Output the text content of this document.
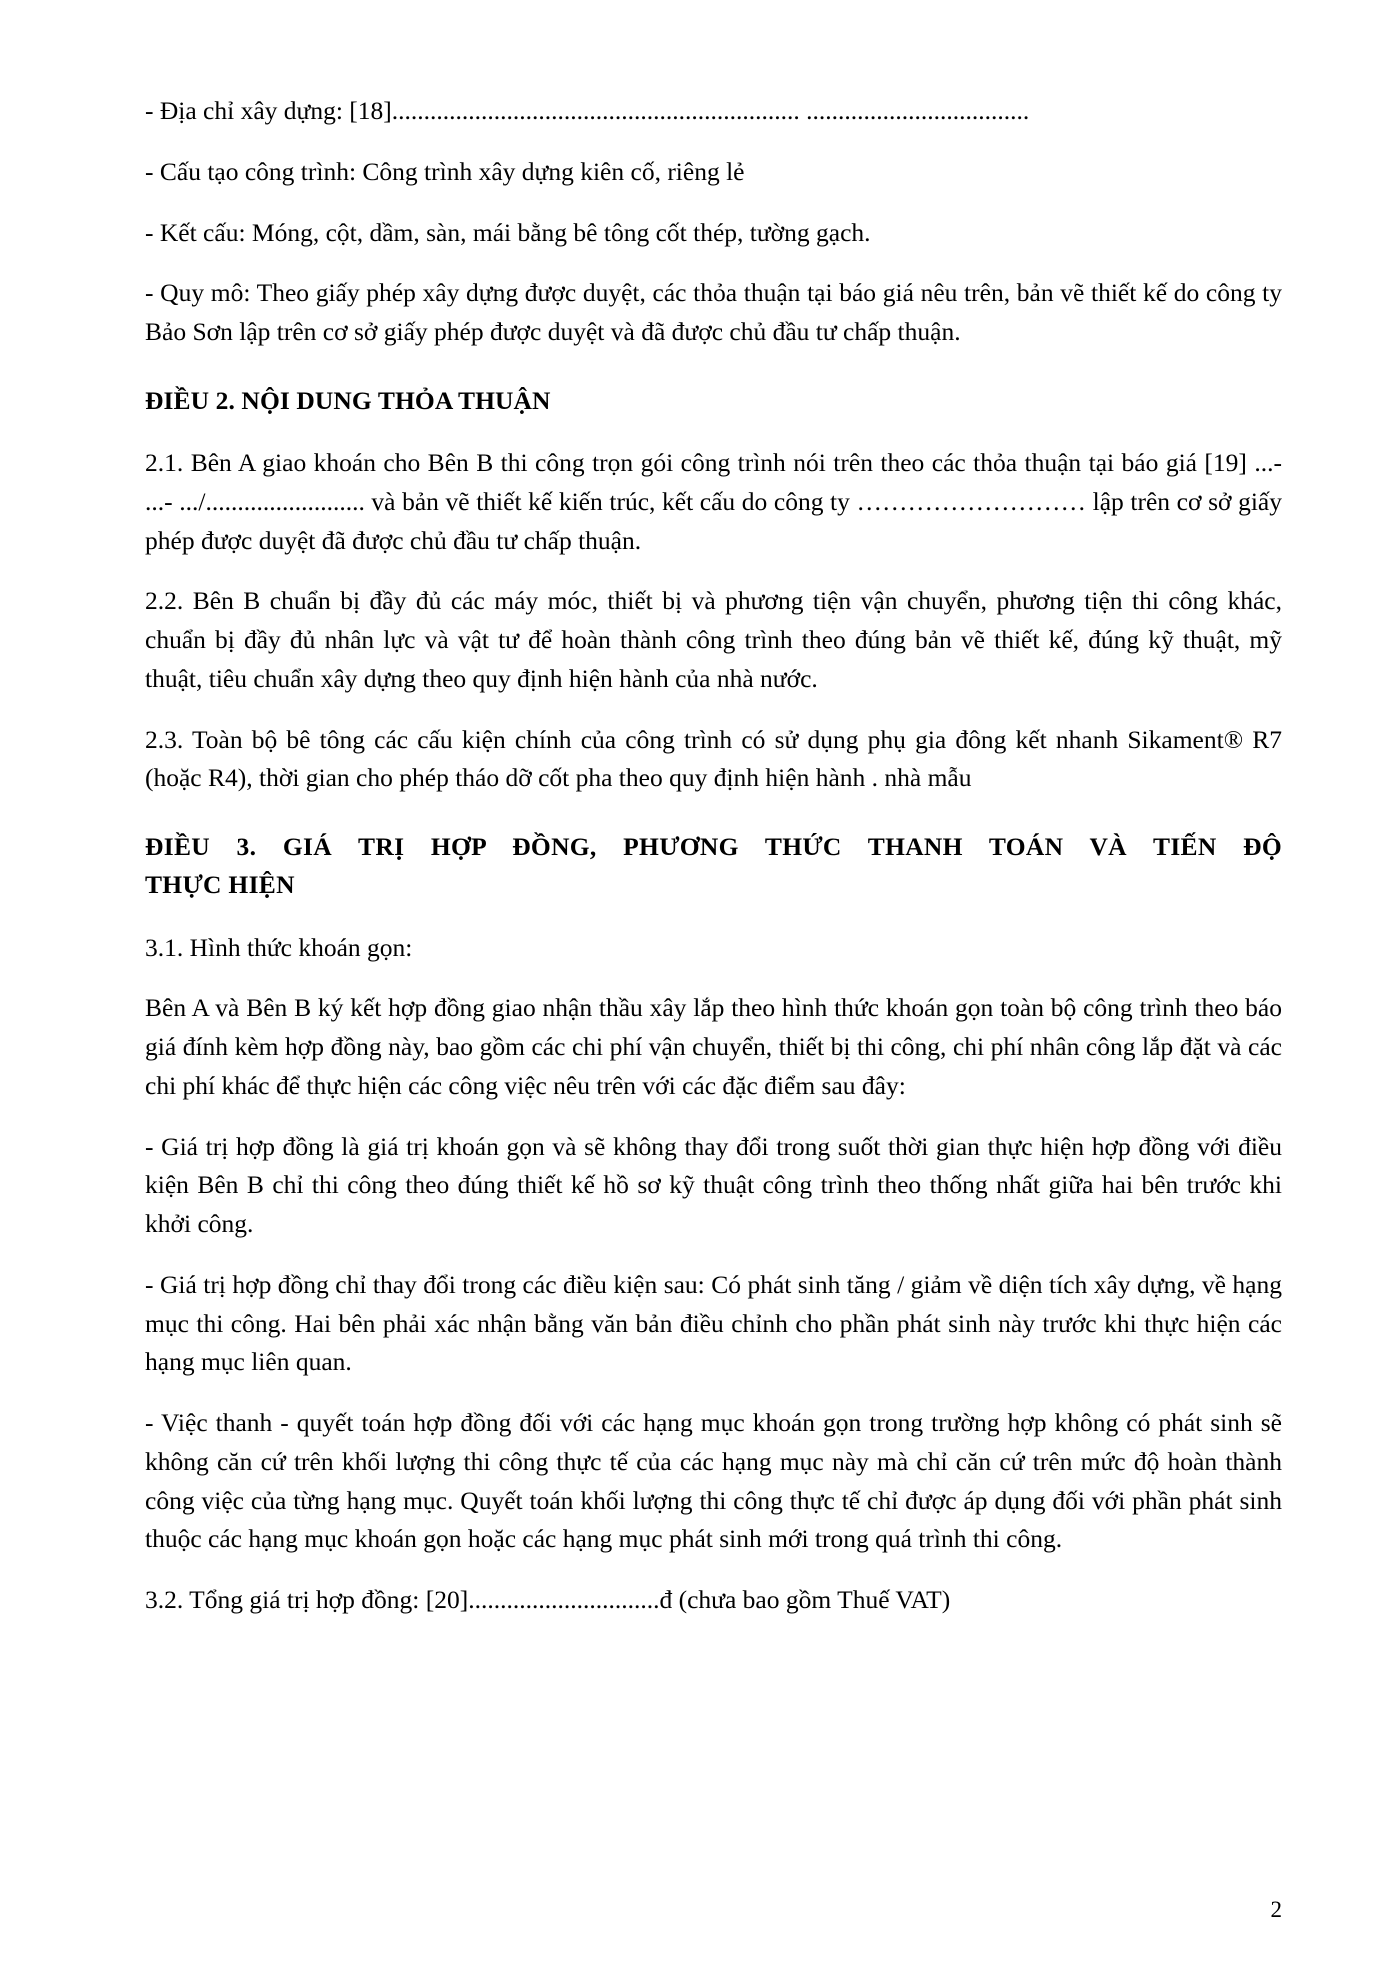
- Địa chỉ xây dựng: [18]................................................................ ...................................

- Cấu tạo công trình: Công trình xây dựng kiên cố, riêng lẻ

- Kết cấu: Móng, cột, dầm, sàn, mái bằng bê tông cốt thép, tường gạch.

- Quy mô: Theo giấy phép xây dựng được duyệt, các thỏa thuận tại báo giá nêu trên, bản vẽ thiết kế do công ty Bảo Sơn lập trên cơ sở giấy phép được duyệt và đã được chủ đầu tư chấp thuận.

ĐIỀU 2. NỘI DUNG THỎA THUẬN

2.1. Bên A giao khoán cho Bên B thi công trọn gói công trình nói trên theo các thỏa thuận tại báo giá [19] ...- ...- .../......................... và bản vẽ thiết kế kiến trúc, kết cấu do công ty ……………………… lập trên cơ sở giấy phép được duyệt đã được chủ đầu tư chấp thuận.

2.2. Bên B chuẩn bị đầy đủ các máy móc, thiết bị và phương tiện vận chuyển, phương tiện thi công khác, chuẩn bị đầy đủ nhân lực và vật tư để hoàn thành công trình theo đúng bản vẽ thiết kế, đúng kỹ thuật, mỹ thuật, tiêu chuẩn xây dựng theo quy định hiện hành của nhà nước.

2.3. Toàn bộ bê tông các cấu kiện chính của công trình có sử dụng phụ gia đông kết nhanh Sikament® R7 (hoặc R4), thời gian cho phép tháo dỡ cốt pha theo quy định hiện hành . nhà mẫu

ĐIỀU 3. GIÁ TRỊ HỢP ĐỒNG, PHƯƠNG THỨC THANH TOÁN VÀ TIẾN ĐỘ
THỰC HIỆN

3.1. Hình thức khoán gọn:

Bên A và Bên B ký kết hợp đồng giao nhận thầu xây lắp theo hình thức khoán gọn toàn bộ công trình theo báo giá đính kèm hợp đồng này, bao gồm các chi phí vận chuyển, thiết bị thi công, chi phí nhân công lắp đặt và các chi phí khác để thực hiện các công việc nêu trên với các đặc điểm sau đây:

- Giá trị hợp đồng là giá trị khoán gọn và sẽ không thay đổi trong suốt thời gian thực hiện hợp đồng với điều kiện Bên B chỉ thi công theo đúng thiết kế hồ sơ kỹ thuật công trình theo thống nhất giữa hai bên trước khi khởi công.

- Giá trị hợp đồng chỉ thay đổi trong các điều kiện sau: Có phát sinh tăng / giảm về diện tích xây dựng, về hạng mục thi công. Hai bên phải xác nhận bằng văn bản điều chỉnh cho phần phát sinh này trước khi thực hiện các hạng mục liên quan.

- Việc thanh - quyết toán hợp đồng đối với các hạng mục khoán gọn trong trường hợp không có phát sinh sẽ không căn cứ trên khối lượng thi công thực tế của các hạng mục này mà chỉ căn cứ trên mức độ hoàn thành công việc của từng hạng mục. Quyết toán khối lượng thi công thực tế chỉ được áp dụng đối với phần phát sinh thuộc các hạng mục khoán gọn hoặc các hạng mục phát sinh mới trong quá trình thi công.

3.2. Tổng giá trị hợp đồng: [20]..............................đ (chưa bao gồm Thuế VAT)

2
